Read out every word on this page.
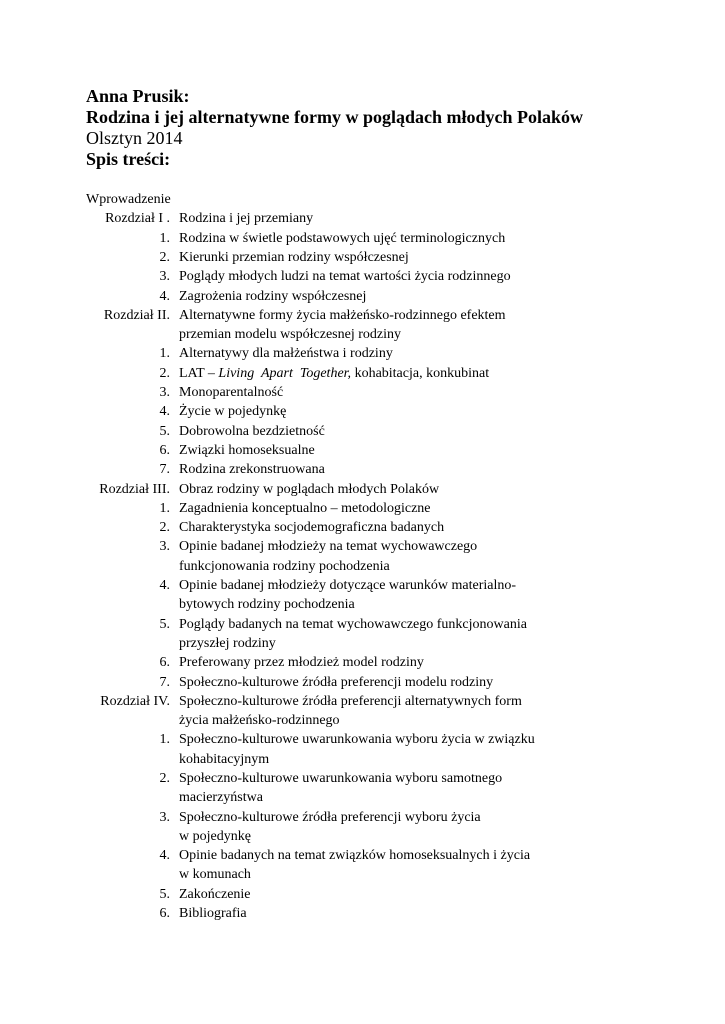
Anna Prusik:
Rodzina i jej alternatywne formy w poglądach młodych Polaków
Olsztyn 2014
Spis treści:
Wprowadzenie
Rozdział I . Rodzina i jej przemiany
1. Rodzina w świetle podstawowych ujęć terminologicznych
2. Kierunki przemian rodziny współczesnej
3. Poglądy młodych ludzi na temat wartości życia rodzinnego
4. Zagrożenia rodziny współczesnej
Rozdział II. Alternatywne formy życia małżeńsko-rodzinnego efektem
przemian modelu współczesnej rodziny
1. Alternatywy dla małżeństwa i rodziny
2. LAT – Living  Apart  Together, kohabitacja, konkubinat
3. Monoparentalność
4. Życie w pojedynkę
5. Dobrowolna bezdzietność
6. Związki homoseksualne
7. Rodzina zrekonstruowana
Rozdział III. Obraz rodziny w poglądach młodych Polaków
1. Zagadnienia konceptualno – metodologiczne
2. Charakterystyka socjodemograficzna badanych
3. Opinie badanej młodzieży na temat wychowawczego
funkcjonowania rodziny pochodzenia
4. Opinie badanej młodzieży dotyczące warunków materialno-
bytowych rodziny pochodzenia
5. Poglądy badanych na temat wychowawczego funkcjonowania
przyszłej rodziny
6. Preferowany przez młodzież model rodziny
7. Społeczno-kulturowe źródła preferencji modelu rodziny
Rozdział IV. Społeczno-kulturowe źródła preferencji alternatywnych form
życia małżeńsko-rodzinnego
1. Społeczno-kulturowe uwarunkowania wyboru życia w związku
kohabitacyjnym
2. Społeczno-kulturowe uwarunkowania wyboru samotnego
macierzyństwa
3. Społeczno-kulturowe źródła preferencji wyboru życia
w pojedynkę
4. Opinie badanych na temat związków homoseksualnych i życia
w komunach
5. Zakończenie
6. Bibliografia
